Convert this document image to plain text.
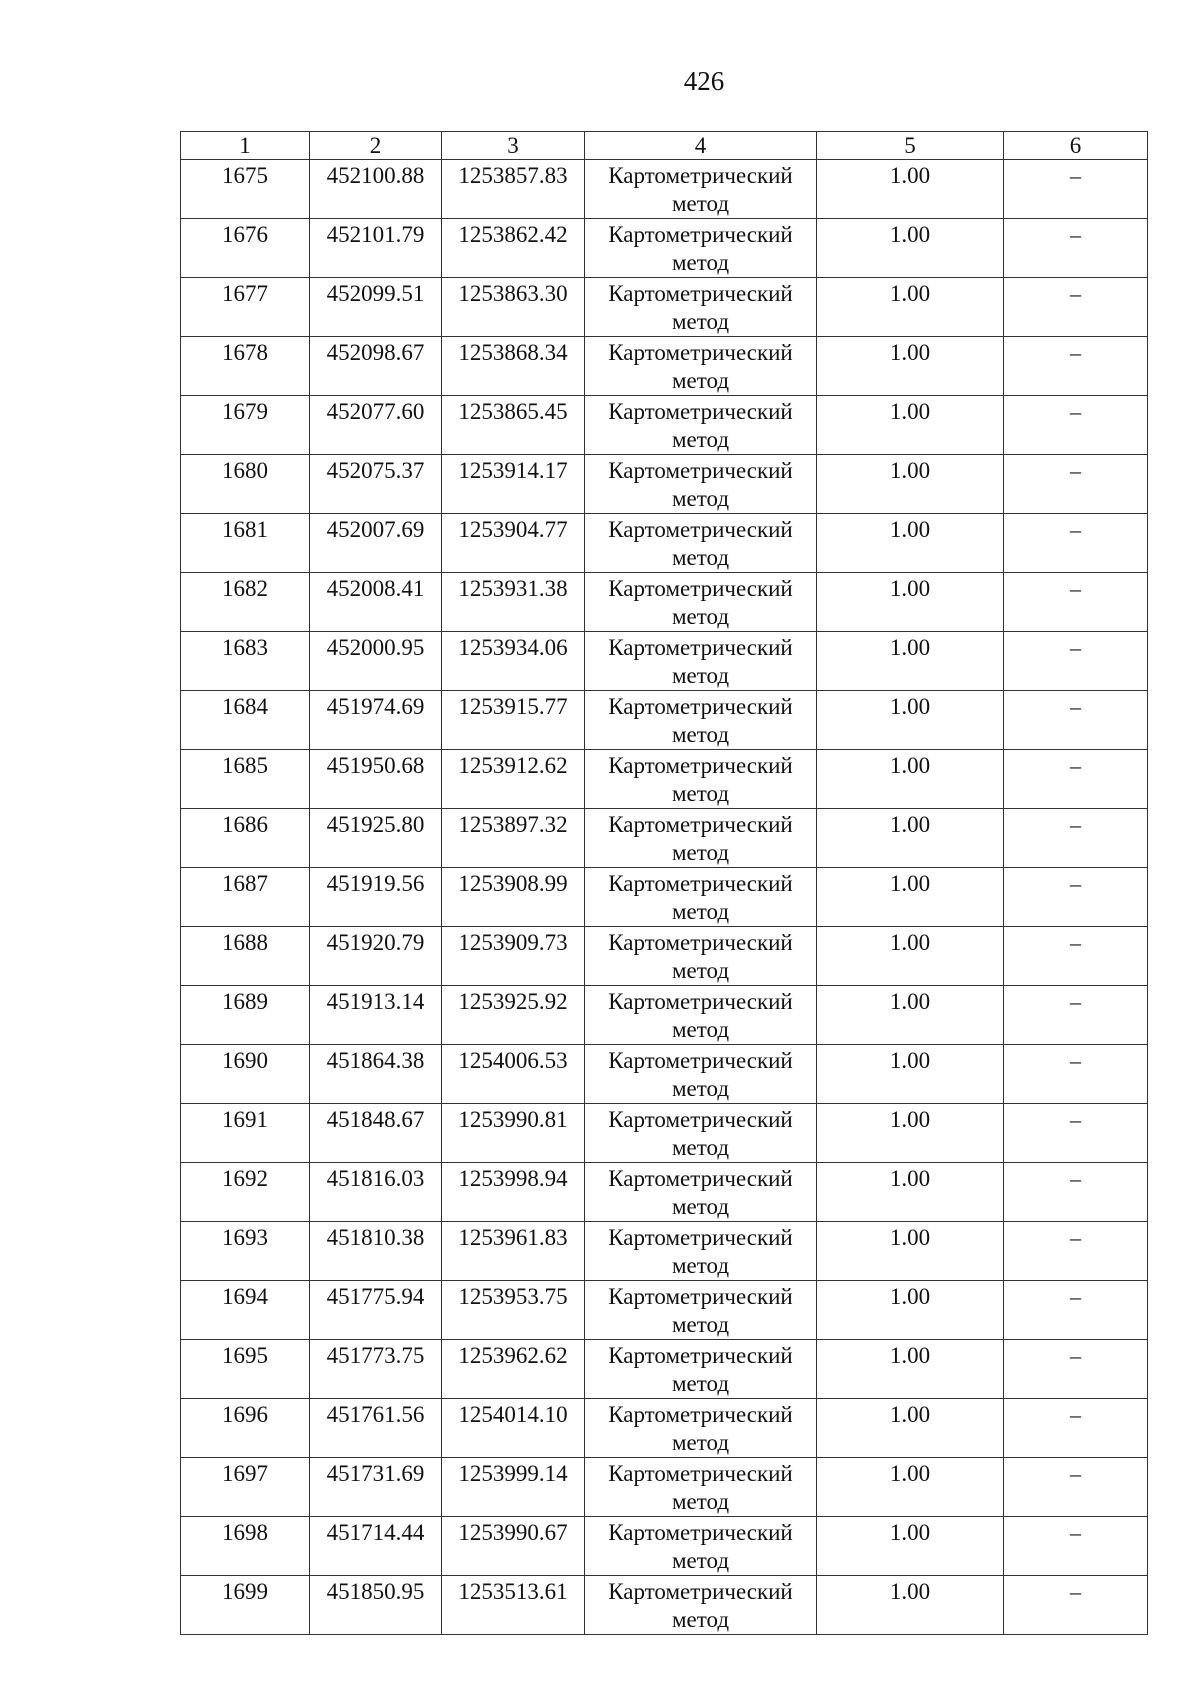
426
1	2	3	4	5	6
1675	452100.88	1253857.83	Картометрический метод	1.00	–
1676	452101.79	1253862.42	Картометрический метод	1.00	–
1677	452099.51	1253863.30	Картометрический метод	1.00	–
1678	452098.67	1253868.34	Картометрический метод	1.00	–
1679	452077.60	1253865.45	Картометрический метод	1.00	–
1680	452075.37	1253914.17	Картометрический метод	1.00	–
1681	452007.69	1253904.77	Картометрический метод	1.00	–
1682	452008.41	1253931.38	Картометрический метод	1.00	–
1683	452000.95	1253934.06	Картометрический метод	1.00	–
1684	451974.69	1253915.77	Картометрический метод	1.00	–
1685	451950.68	1253912.62	Картометрический метод	1.00	–
1686	451925.80	1253897.32	Картометрический метод	1.00	–
1687	451919.56	1253908.99	Картометрический метод	1.00	–
1688	451920.79	1253909.73	Картометрический метод	1.00	–
1689	451913.14	1253925.92	Картометрический метод	1.00	–
1690	451864.38	1254006.53	Картометрический метод	1.00	–
1691	451848.67	1253990.81	Картометрический метод	1.00	–
1692	451816.03	1253998.94	Картометрический метод	1.00	–
1693	451810.38	1253961.83	Картометрический метод	1.00	–
1694	451775.94	1253953.75	Картометрический метод	1.00	–
1695	451773.75	1253962.62	Картометрический метод	1.00	–
1696	451761.56	1254014.10	Картометрический метод	1.00	–
1697	451731.69	1253999.14	Картометрический метод	1.00	–
1698	451714.44	1253990.67	Картометрический метод	1.00	–
1699	451850.95	1253513.61	Картометрический метод	1.00	–
